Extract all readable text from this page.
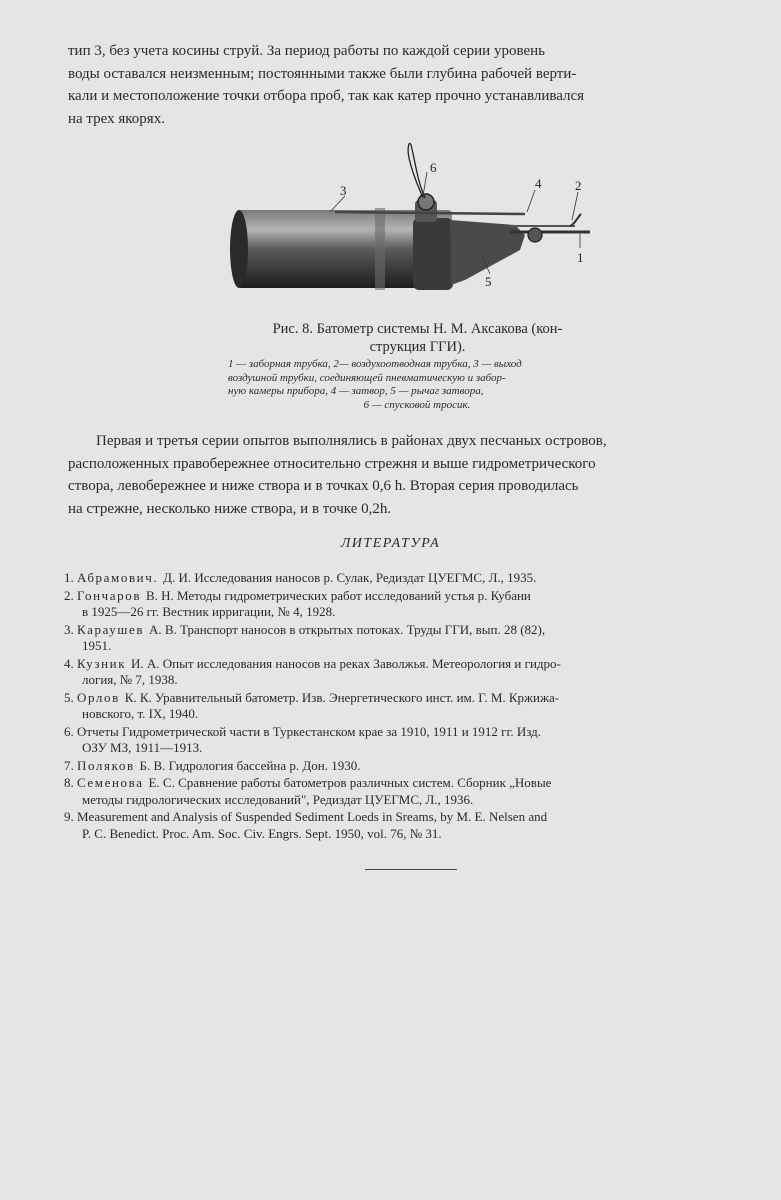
тип 3, без учета косины струй. За период работы по каждой серии уровень
воды оставался неизменным; постоянными также были глубина рабочей верти-
кали и местоположение точки отбора проб, так как катер прочно устанавливался
на трех якорях.

1
2
3	4
5
6
Рис. 8. Батометр системы Н. М. Аксакова (кон-
струкция ГГИ).
1 — заборная трубка, 2— воздухоотводная трубка, 3 — выход
воздушной трубки, соединяющей пневматическую и забор-
ную камеры прибора, 4 — затвор, 5 — рычаг затвора,
6 — спусковой тросик.

Первая и третья серии опытов выполнялись в районах двух песчаных островов,
расположенных правобережнее относительно стрежня и выше гидрометрического
створа, левобережнее и ниже створа и в точках 0,6 h. Вторая серия проводилась
на стрежне, несколько ниже створа, и в точке 0,2h.

ЛИТЕРАТУРА
1. Абрамович. Д. И. Исследования наносов р. Сулак, Редиздат ЦУЕГМС, Л., 1935.
2. Гончаров В. Н. Методы гидрометрических работ исследований устья р. Кубани
в 1925—26 гг. Вестник ирригации, № 4, 1928.
3. Караушев А. В. Транспорт наносов в открытых потоках. Труды ГГИ, вып. 28 (82),
1951.
4. Кузник И. А. Опыт исследования наносов на реках Заволжья. Метеорология и гидро-
логия, № 7, 1938.
5. Орлов К. К. Уравнительный батометр. Изв. Энергетического инст. им. Г. М. Кржижа-
новского, т. IX, 1940.
6. Отчеты Гидрометрической части в Туркестанском крае за 1910, 1911 и 1912 гг. Изд.
ОЗУ МЗ, 1911—1913.
7. Поляков Б. В. Гидрология бассейна р. Дон. 1930.
8. Семенова Е. С. Сравнение работы батометров различных систем. Сборник „Новые
методы гидрологических исследований", Редиздат ЦУЕГМС, Л., 1936.
9. Measurement and Analysis of Suspended Sediment Loeds in Sreams, by M. E. Nelsen and
P. C. Benedict. Proc. Am. Soc. Civ. Engrs. Sept. 1950, vol. 76, № 31.
